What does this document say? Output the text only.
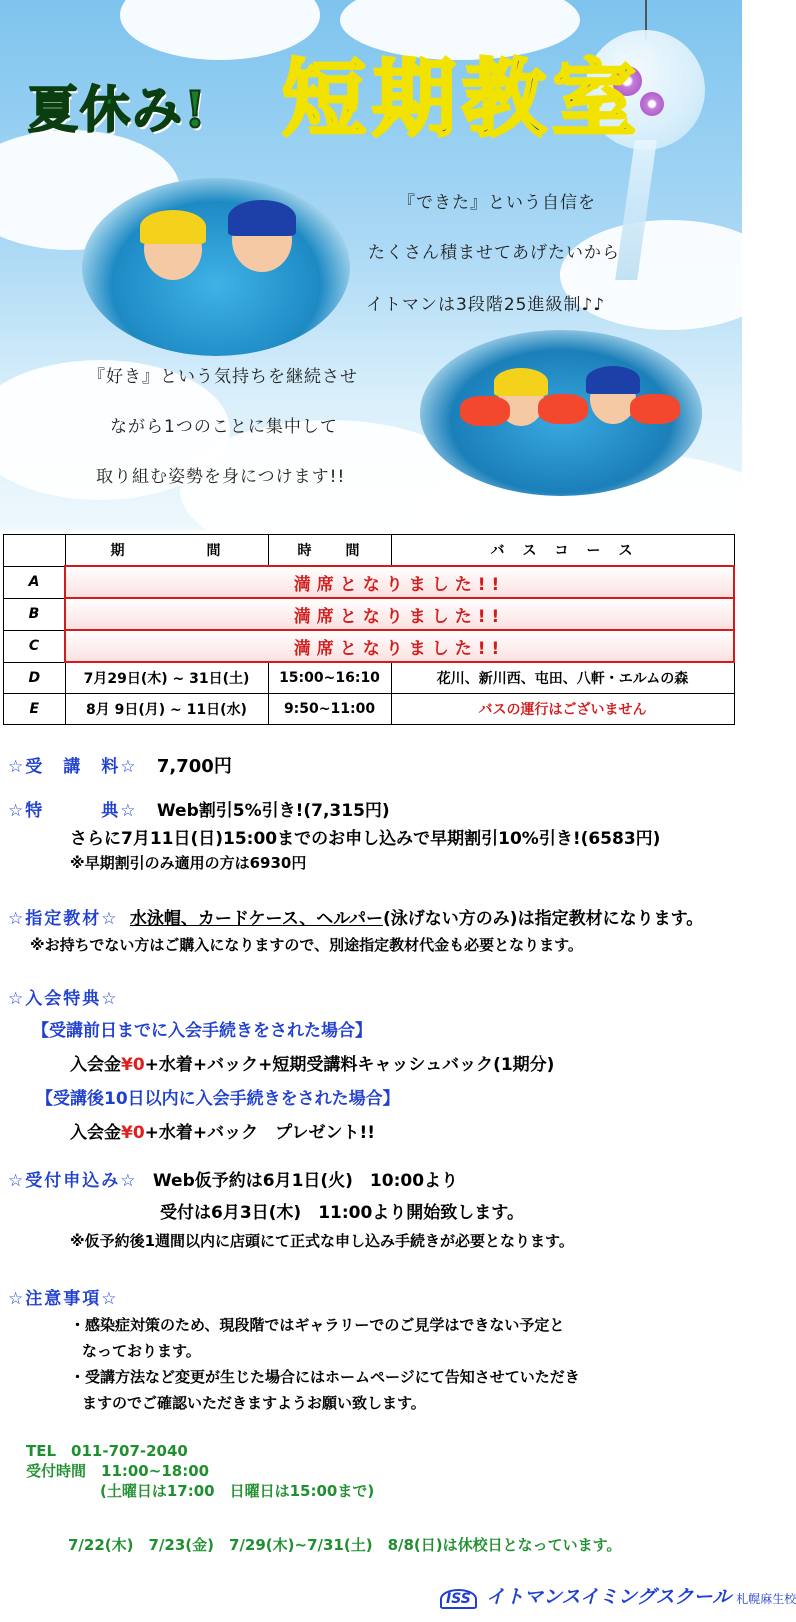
夏休み! 短期教室
『できた』という自信を
たくさん積ませてあげたいから
イトマンは3段階25進級制♪♪
『好き』という気持ちを継続させ
ながら1つのことに集中して
取り組む姿勢を身につけます!!
	期　　　　　間	時　　間	バ　ス　コ　ー　ス
A	満席となりました!!		
B	満席となりました!!		
C	満席となりました!!		
D	7月29日(木) ~ 31日(土)	15:00~16:10	花川、新川西、屯田、八軒・エルムの森
E	8月 9日(月) ~ 11日(水)	9:50~11:00	バスの運行はございません
☆受　講　料☆ 7,700円
☆特　　　典☆ Web割引5%引き!(7,315円)
さらに7月11日(日)15:00までのお申し込みで早期割引10%引き!(6583円)
※早期割引のみ適用の方は6930円
☆指定教材☆ 水泳帽、カードケース、ヘルパー(泳げない方のみ)は指定教材になります。
※お持ちでない方はご購入になりますので、別途指定教材代金も必要となります。
☆入会特典☆
【受講前日までに入会手続きをされた場合】
入会金¥0+水着+バック+短期受講料キャッシュバック(1期分)
【受講後10日以内に入会手続きをされた場合】
入会金¥0+水着+バック　プレゼント!!
☆受付申込み☆ Web仮予約は6月1日(火)　10:00より
受付は6月3日(木)　11:00より開始致します。
※仮予約後1週間以内に店頭にて正式な申し込み手続きが必要となります。
☆注意事項☆
・感染症対策のため、現段階ではギャラリーでのご見学はできない予定と
なっております。
・受講方法など変更が生じた場合にはホームページにて告知させていただき
ますのでご確認いただきますようお願い致します。
TEL　011-707-2040
受付時間　11:00~18:00
(土曜日は17:00　日曜日は15:00まで)
7/22(木)　7/23(金)　7/29(木)~7/31(土)　8/8(日)は休校日となっています。
ISS イトマンスイミングスクール 札幌麻生校
